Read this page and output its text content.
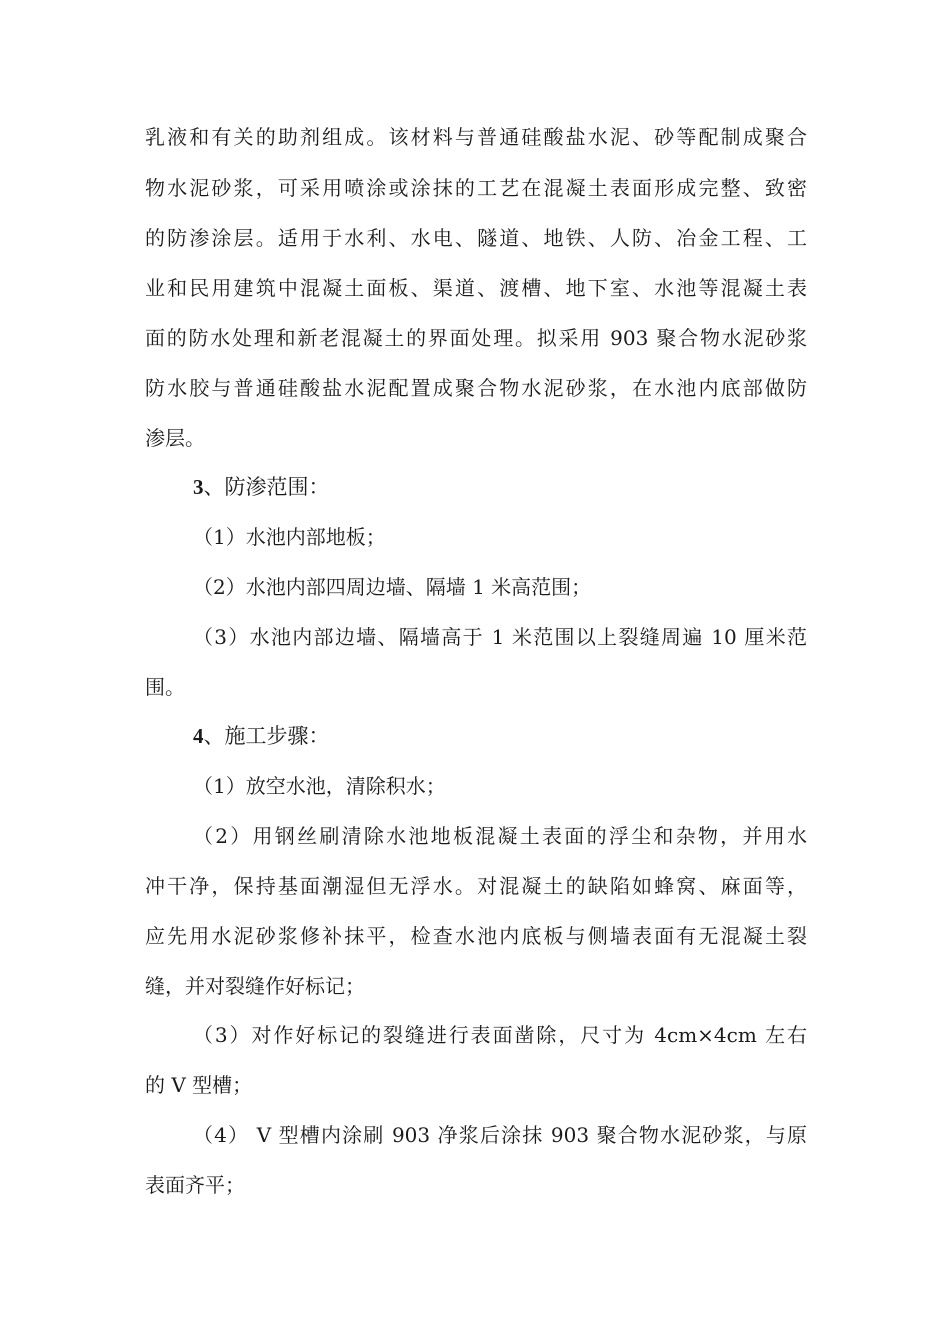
乳液和有关的助剂组成。该材料与普通硅酸盐水泥、砂等配制成聚合
物水泥砂浆，可采用喷涂或涂抹的工艺在混凝土表面形成完整、致密
的防渗涂层。适用于水利、水电、隧道、地铁、人防、冶金工程、工
业和民用建筑中混凝土面板、渠道、渡槽、地下室、水池等混凝土表
面的防水处理和新老混凝土的界面处理。拟采用 903 聚合物水泥砂浆
防水胶与普通硅酸盐水泥配置成聚合物水泥砂浆，在水池内底部做防
渗层。
3、防渗范围：
（1）水池内部地板；
（2）水池内部四周边墙、隔墙 1 米高范围；
（3）水池内部边墙、隔墙高于 1 米范围以上裂缝周遍 10 厘米范
围。
4、施工步骤：
（1）放空水池，清除积水；
（2）用钢丝刷清除水池地板混凝土表面的浮尘和杂物，并用水
冲干净，保持基面潮湿但无浮水。对混凝土的缺陷如蜂窝、麻面等，
应先用水泥砂浆修补抹平，检查水池内底板与侧墙表面有无混凝土裂
缝，并对裂缝作好标记；
（3）对作好标记的裂缝进行表面凿除，尺寸为 4cm×4cm 左右
的 V 型槽；
（4） V 型槽内涂刷 903 净浆后涂抹 903 聚合物水泥砂浆，与原
表面齐平；
